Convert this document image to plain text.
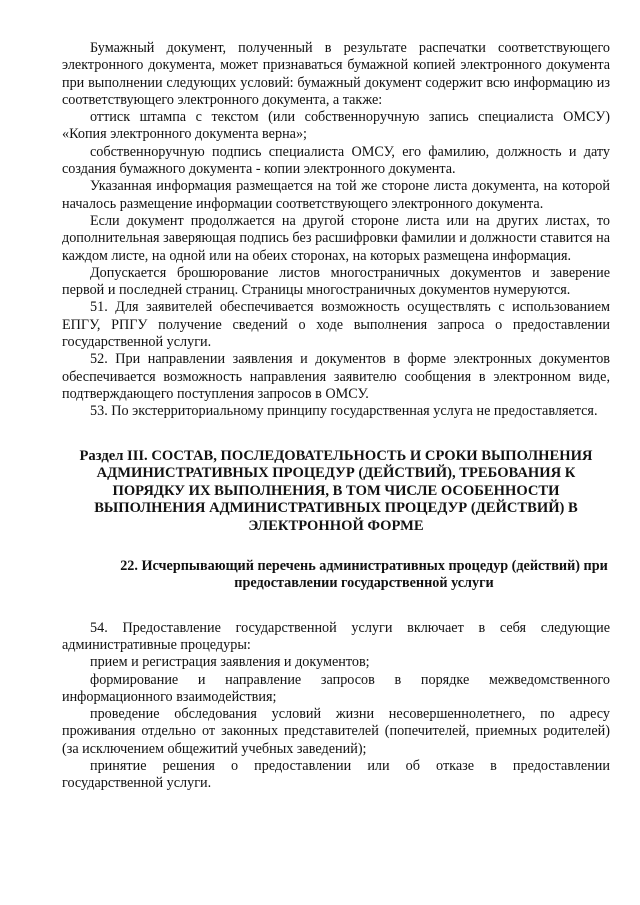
Бумажный документ, полученный в результате распечатки соответствующего электронного документа, может признаваться бумажной копией электронного документа при выполнении следующих условий: бумажный документ содержит всю информацию из соответствующего электронного документа, а также:

оттиск штампа с текстом (или собственноручную запись специалиста ОМСУ) «Копия электронного документа верна»;

собственноручную подпись специалиста ОМСУ, его фамилию, должность и дату создания бумажного документа - копии электронного документа.

Указанная информация размещается на той же стороне листа документа, на которой началось размещение информации соответствующего электронного документа.

Если документ продолжается на другой стороне листа или на других листах, то дополнительная заверяющая подпись без расшифровки фамилии и должности ставится на каждом листе, на одной или на обеих сторонах, на которых размещена информация.

Допускается брошюрование листов многостраничных документов и заверение первой и последней страниц. Страницы многостраничных документов нумеруются.

51. Для заявителей обеспечивается возможность осуществлять с использованием ЕПГУ, РПГУ получение сведений о ходе выполнения запроса о предоставлении государственной услуги.

52. При направлении заявления и документов в форме электронных документов обеспечивается возможность направления заявителю сообщения в электронном виде, подтверждающего поступления запросов в ОМСУ.

53. По экстерриториальному принципу государственная услуга не предоставляется.

Раздел III. СОСТАВ, ПОСЛЕДОВАТЕЛЬНОСТЬ И СРОКИ ВЫПОЛНЕНИЯ АДМИНИСТРАТИВНЫХ ПРОЦЕДУР (ДЕЙСТВИЙ), ТРЕБОВАНИЯ К ПОРЯДКУ ИХ ВЫПОЛНЕНИЯ, В ТОМ ЧИСЛЕ ОСОБЕННОСТИ ВЫПОЛНЕНИЯ АДМИНИСТРАТИВНЫХ ПРОЦЕДУР (ДЕЙСТВИЙ) В ЭЛЕКТРОННОЙ ФОРМЕ
22. Исчерпывающий перечень административных процедур (действий) при предоставлении государственной услуги

54. Предоставление государственной услуги включает в себя следующие административные процедуры:

прием и регистрация заявления и документов;

формирование и направление запросов в порядке межведомственного информационного взаимодействия;

проведение обследования условий жизни несовершеннолетнего, по адресу проживания отдельно от законных представителей (попечителей, приемных родителей) (за исключением общежитий учебных заведений);

принятие решения о предоставлении или об отказе в предоставлении государственной услуги.
